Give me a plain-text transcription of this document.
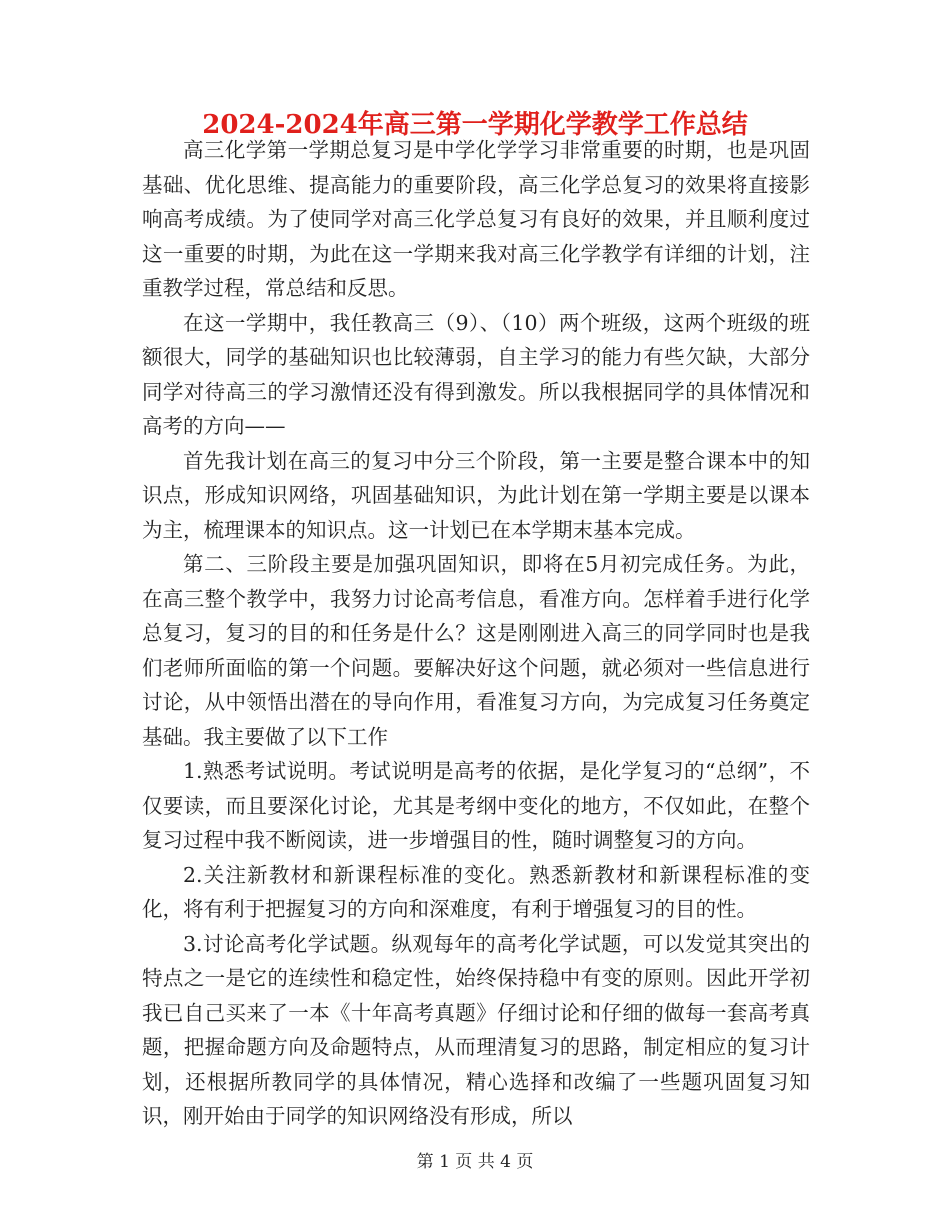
2024-2024年高三第一学期化学教学工作总结

高三化学第一学期总复习是中学化学学习非常重要的时期，也是巩固基础、优化思维、提高能力的重要阶段，高三化学总复习的效果将直接影响高考成绩。为了使同学对高三化学总复习有良好的效果，并且顺利度过这一重要的时期，为此在这一学期来我对高三化学教学有详细的计划，注重教学过程，常总结和反思。

在这一学期中，我任教高三（9）、（10）两个班级，这两个班级的班额很大，同学的基础知识也比较薄弱，自主学习的能力有些欠缺，大部分同学对待高三的学习激情还没有得到激发。所以我根据同学的具体情况和高考的方向——

首先我计划在高三的复习中分三个阶段，第一主要是整合课本中的知识点，形成知识网络，巩固基础知识，为此计划在第一学期主要是以课本为主，梳理课本的知识点。这一计划已在本学期末基本完成。

第二、三阶段主要是加强巩固知识，即将在5月初完成任务。为此，在高三整个教学中，我努力讨论高考信息，看准方向。怎样着手进行化学总复习，复习的目的和任务是什么？这是刚刚进入高三的同学同时也是我们老师所面临的第一个问题。要解决好这个问题，就必须对一些信息进行讨论，从中领悟出潜在的导向作用，看准复习方向，为完成复习任务奠定基础。我主要做了以下工作

1.熟悉考试说明。考试说明是高考的依据，是化学复习的“总纲”，不仅要读，而且要深化讨论，尤其是考纲中变化的地方，不仅如此，在整个复习过程中我不断阅读，进一步增强目的性，随时调整复习的方向。

2.关注新教材和新课程标准的变化。熟悉新教材和新课程标准的变化，将有利于把握复习的方向和深难度，有利于增强复习的目的性。

3.讨论高考化学试题。纵观每年的高考化学试题，可以发觉其突出的特点之一是它的连续性和稳定性，始终保持稳中有变的原则。因此开学初我已自己买来了一本《十年高考真题》仔细讨论和仔细的做每一套高考真题，把握命题方向及命题特点，从而理清复习的思路，制定相应的复习计划，还根据所教同学的具体情况，精心选择和改编了一些题巩固复习知识，刚开始由于同学的知识网络没有形成，所以

第 1 页 共 4 页
